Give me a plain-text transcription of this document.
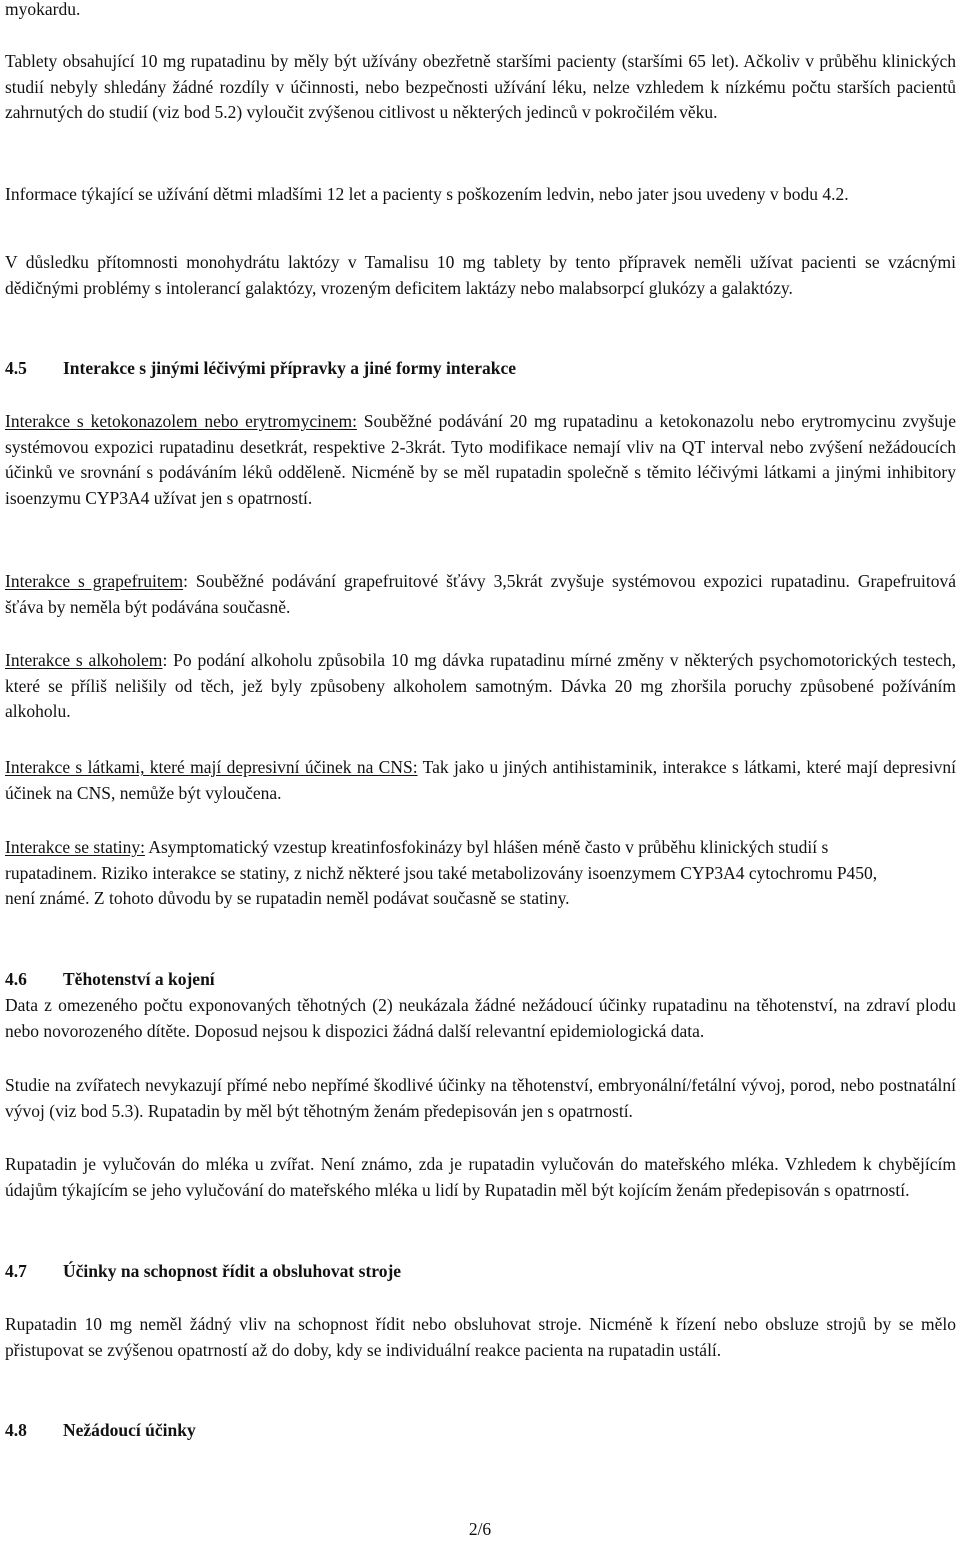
myokardu.

Tablety obsahující 10 mg rupatadinu by měly být užívány obezřetně staršími pacienty (staršími 65 let). Ačkoliv v průběhu klinických studií nebyly shledány žádné rozdíly v účinnosti, nebo bezpečnosti užívání léku, nelze vzhledem k nízkému počtu starších pacientů zahrnutých do studií (viz bod 5.2) vyloučit zvýšenou citlivost u některých jedinců v pokročilém věku.

Informace týkající se užívání dětmi mladšími 12 let a pacienty s poškozením ledvin, nebo jater jsou uvedeny v bodu 4.2.

V důsledku přítomnosti monohydrátu laktózy v Tamalisu 10 mg tablety by tento přípravek neměli užívat pacienti se vzácnými dědičnými problémy s intolerancí galaktózy, vrozeným deficitem laktázy nebo malabsorpcí glukózy a galaktózy.

4.5 Interakce s jinými léčivými přípravky a jiné formy interakce

Interakce s ketokonazolem nebo erytromycinem: Souběžné podávání 20 mg rupatadinu a ketokonazolu nebo erytromycinu zvyšuje systémovou expozici rupatadinu desetkrát, respektive 2-3krát. Tyto modifikace nemají vliv na QT interval nebo zvýšení nežádoucích účinků ve srovnání s podáváním léků odděleně. Nicméně by se měl rupatadin společně s těmito léčivými látkami a jinými inhibitory isoenzymu CYP3A4 užívat jen s opatrností.

Interakce s grapefruitem: Souběžné podávání grapefruitové šťávy 3,5krát zvyšuje systémovou expozici rupatadinu. Grapefruitová šťáva by neměla být podávána současně.

Interakce s alkoholem: Po podání alkoholu způsobila 10 mg dávka rupatadinu mírné změny v některých psychomotorických testech, které se příliš nelišily od těch, jež byly způsobeny alkoholem samotným. Dávka 20 mg zhoršila poruchy způsobené požíváním alkoholu.

Interakce s látkami, které mají depresivní účinek na CNS: Tak jako u jiných antihistaminik, interakce s látkami, které mají depresivní účinek na CNS, nemůže být vyloučena.

Interakce se statiny: Asymptomatický vzestup kreatinfosfokinázy byl hlášen méně často v průběhu klinických studií s rupatadinem. Riziko interakce se statiny, z nichž některé jsou také metabolizovány isoenzymem CYP3A4 cytochromu P450, není známé. Z tohoto důvodu by se rupatadin neměl podávat současně se statiny.

4.6 Těhotenství a kojení

Data z omezeného počtu exponovaných těhotných (2) neukázala žádné nežádoucí účinky rupatadinu na těhotenství, na zdraví plodu nebo novorozeného dítěte. Doposud nejsou k dispozici žádná další relevantní epidemiologická data.

Studie na zvířatech nevykazují přímé nebo nepřímé škodlivé účinky na těhotenství, embryonální/fetální vývoj, porod, nebo postnatální vývoj (viz bod 5.3). Rupatadin by měl být těhotným ženám předepisován jen s opatrností.

Rupatadin je vylučován do mléka u zvířat. Není známo, zda je rupatadin vylučován do mateřského mléka. Vzhledem k chybějícím údajům týkajícím se jeho vylučování do mateřského mléka u lidí by Rupatadin měl být kojícím ženám předepisován s opatrností.

4.7 Účinky na schopnost řídit a obsluhovat stroje

Rupatadin 10 mg neměl žádný vliv na schopnost řídit nebo obsluhovat stroje. Nicméně k řízení nebo obsluze strojů by se mělo přistupovat se zvýšenou opatrností až do doby, kdy se individuální reakce pacienta na rupatadin ustálí.

4.8 Nežádoucí účinky
2/6
